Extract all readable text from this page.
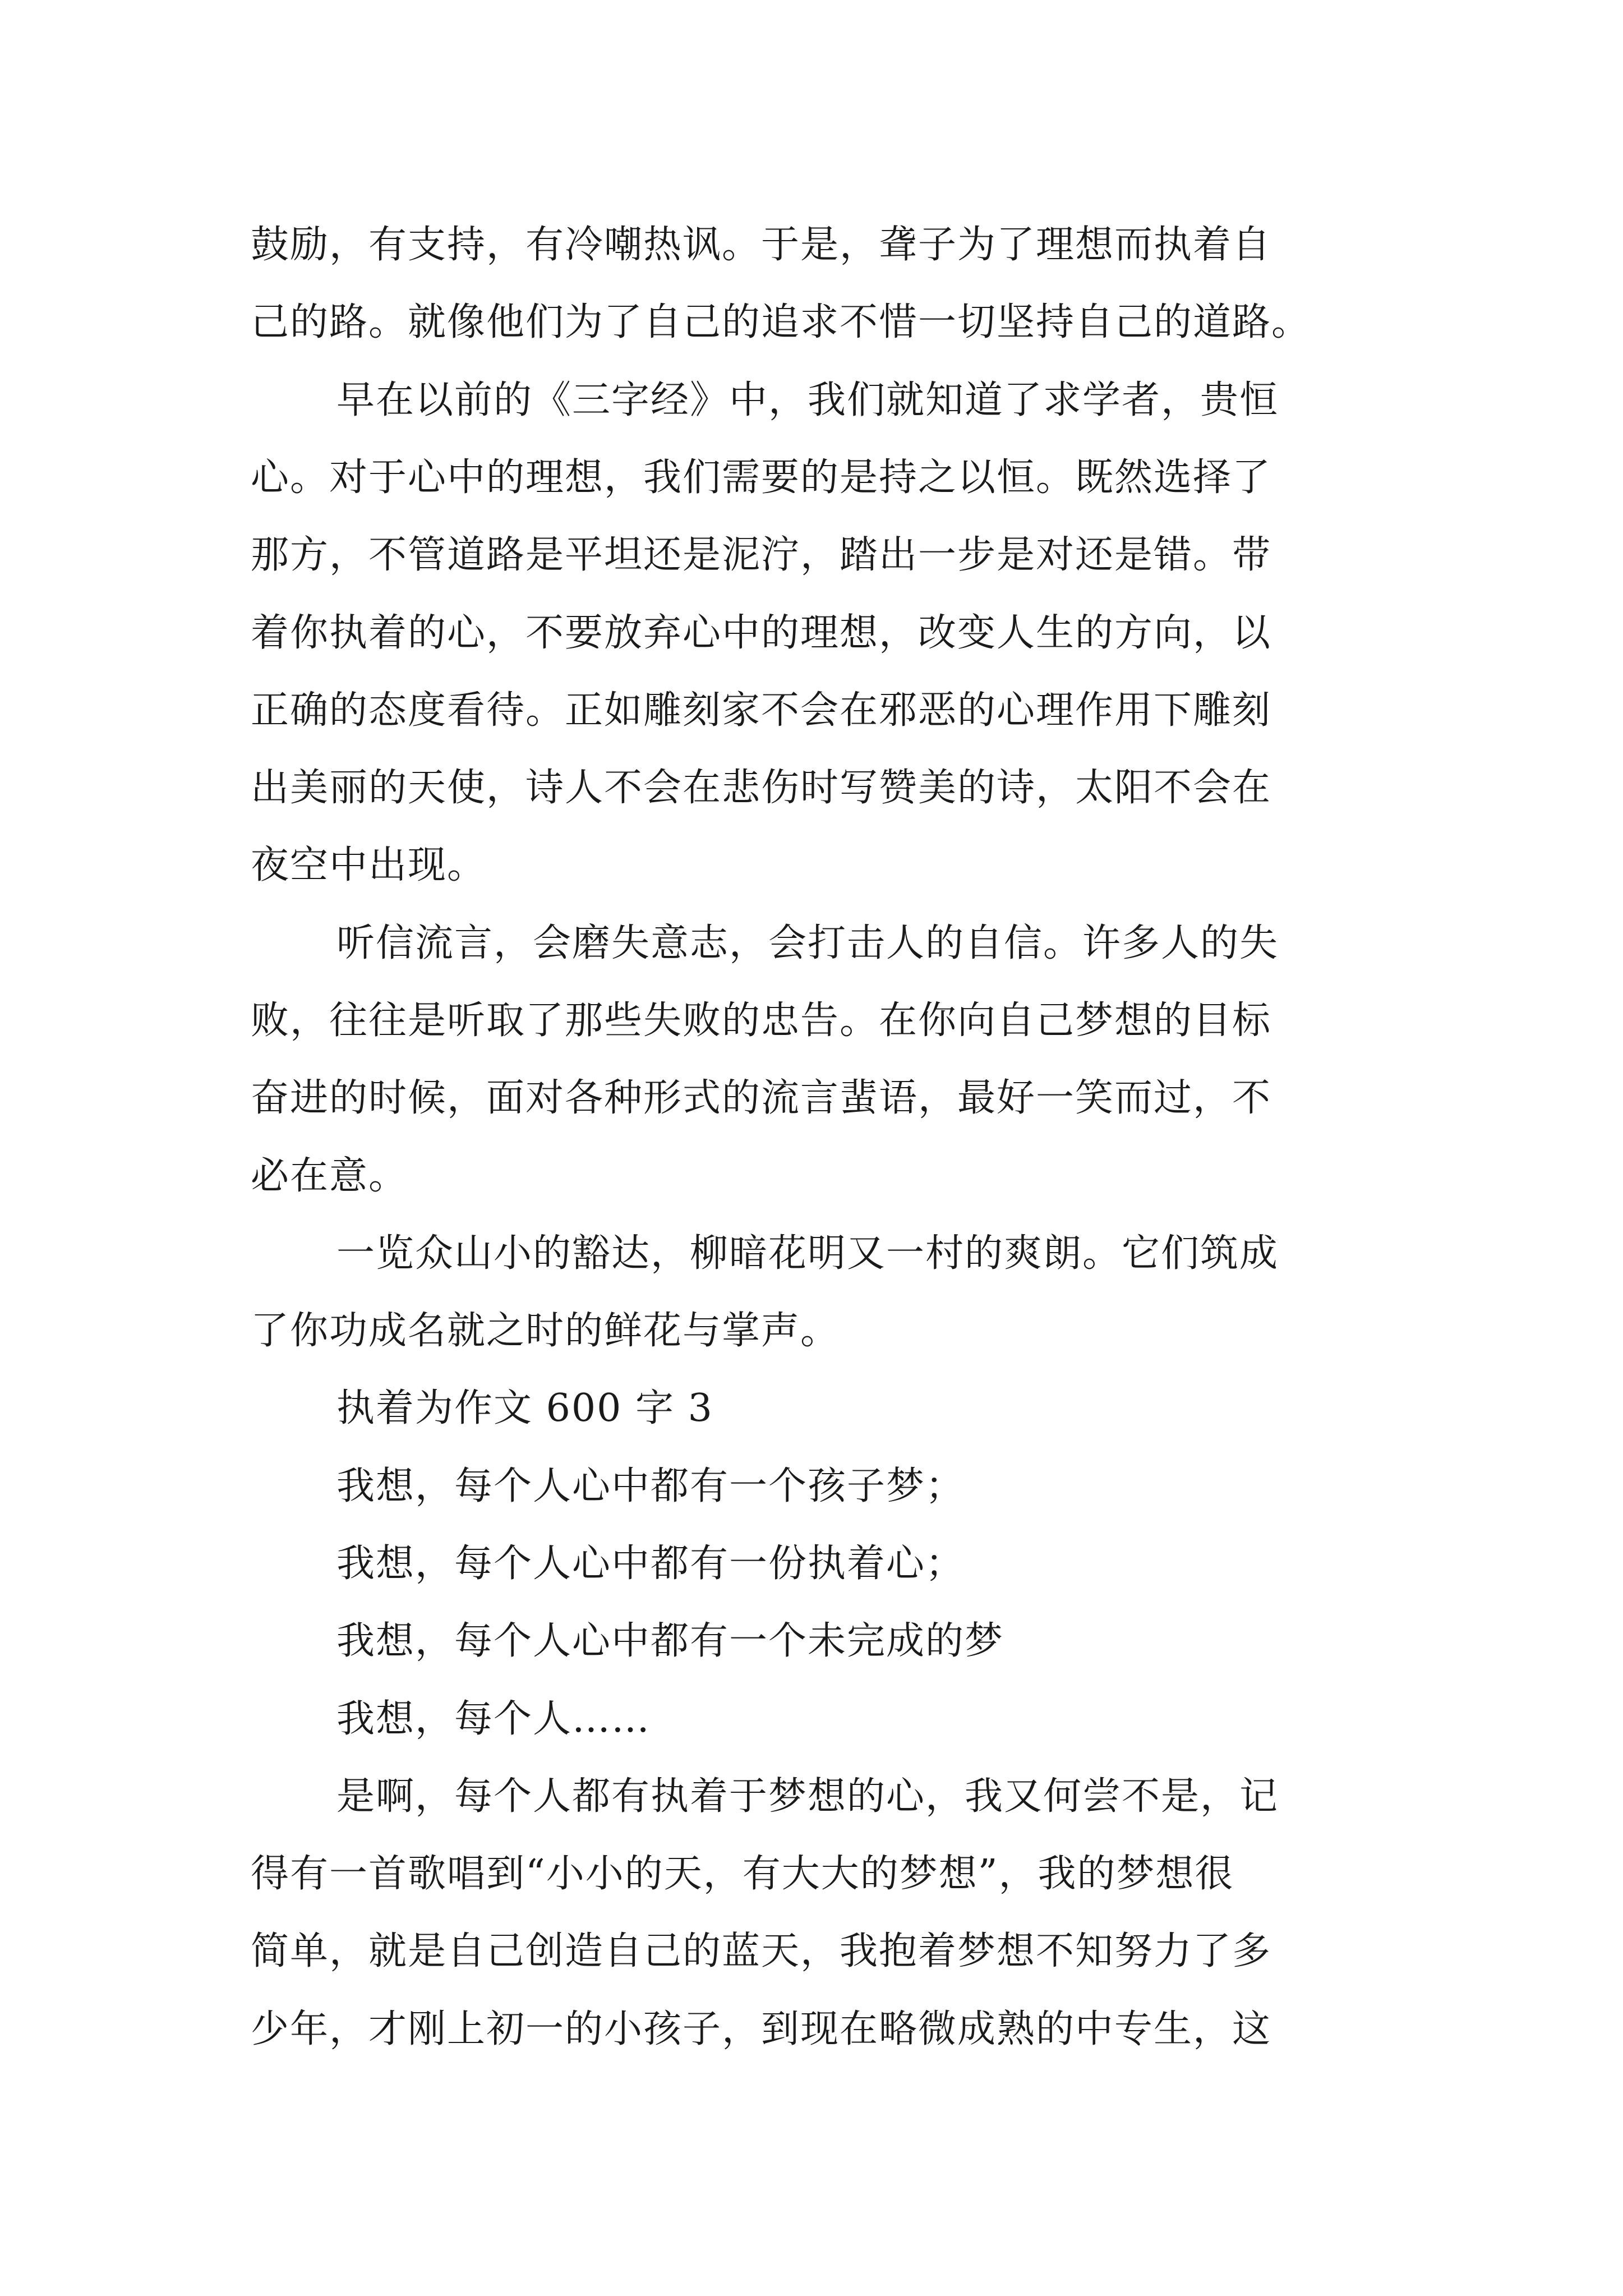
鼓励，有支持，有冷嘲热讽。于是，聋子为了理想而执着自
己的路。就像他们为了自己的追求不惜一切坚持自己的道路。
早在以前的《三字经》中，我们就知道了求学者，贵恒
心。对于心中的理想，我们需要的是持之以恒。既然选择了
那方，不管道路是平坦还是泥泞，踏出一步是对还是错。带
着你执着的心，不要放弃心中的理想，改变人生的方向，以
正确的态度看待。正如雕刻家不会在邪恶的心理作用下雕刻
出美丽的天使，诗人不会在悲伤时写赞美的诗，太阳不会在
夜空中出现。
听信流言，会磨失意志，会打击人的自信。许多人的失
败，往往是听取了那些失败的忠告。在你向自己梦想的目标
奋进的时候，面对各种形式的流言蜚语，最好一笑而过，不
必在意。
一览众山小的豁达，柳暗花明又一村的爽朗。它们筑成
了你功成名就之时的鲜花与掌声。
执着为作文 600 字 3
我想，每个人心中都有一个孩子梦；
我想，每个人心中都有一份执着心；
我想，每个人心中都有一个未完成的梦
我想，每个人……
是啊，每个人都有执着于梦想的心，我又何尝不是，记
得有一首歌唱到“小小的天，有大大的梦想”，我的梦想很
简单，就是自己创造自己的蓝天，我抱着梦想不知努力了多
少年，才刚上初一的小孩子，到现在略微成熟的中专生，这
